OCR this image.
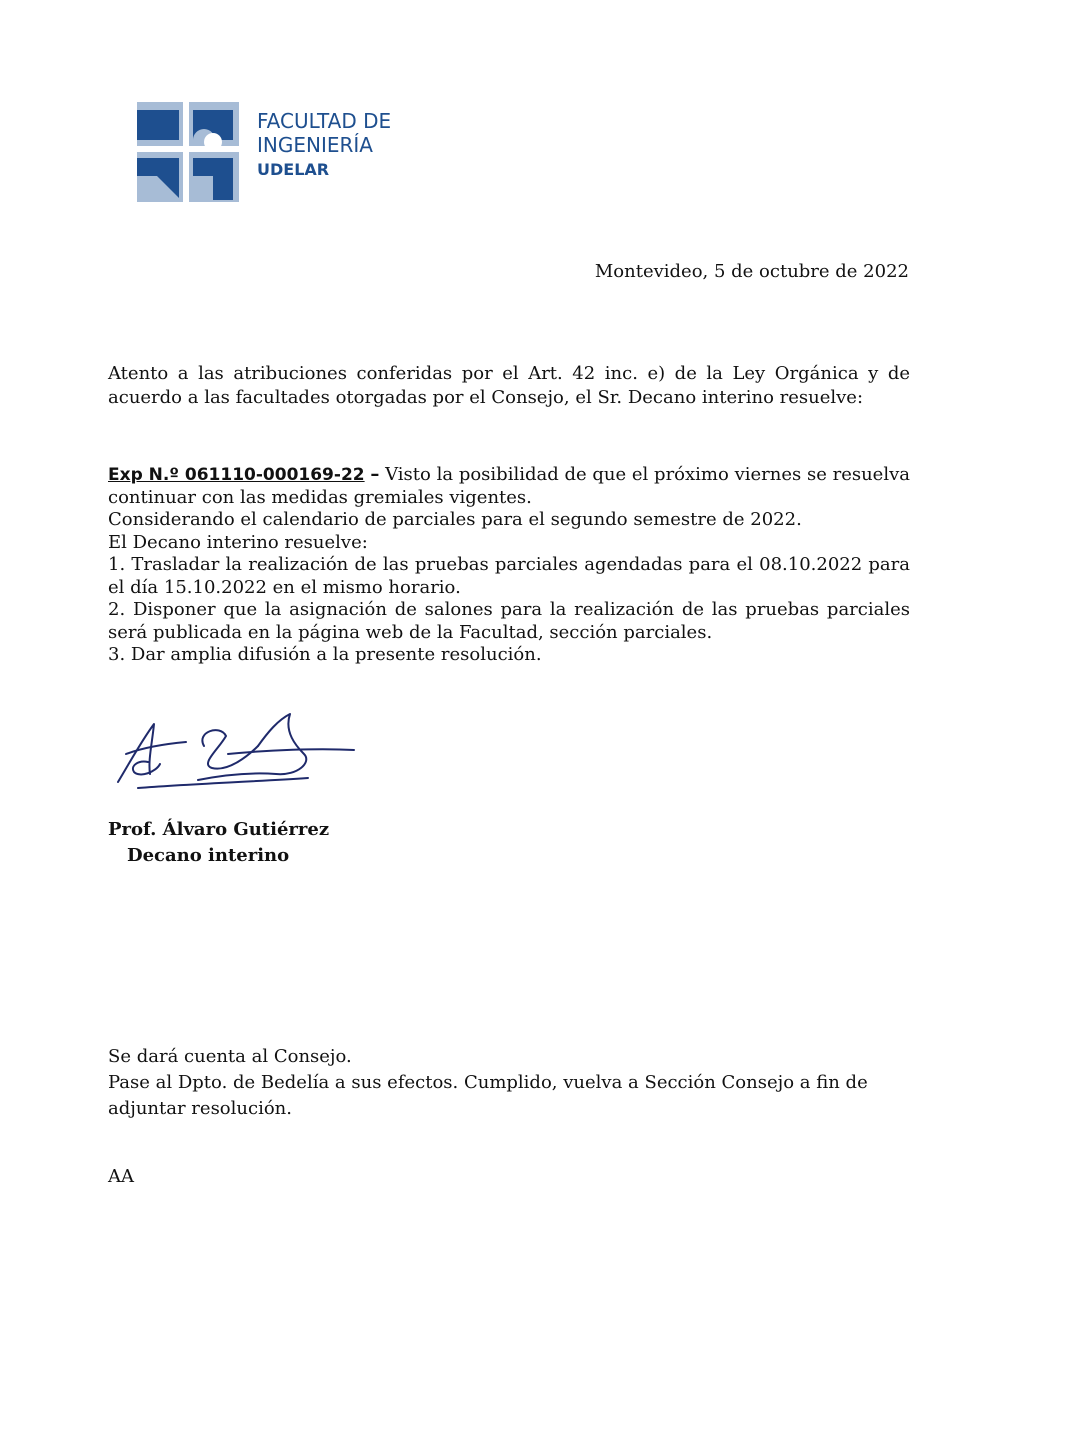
FACULTAD DE
INGENIERÍA
UDELAR
Montevideo, 5 de octubre de 2022

Atento a las atribuciones conferidas por el Art. 42 inc. e) de la Ley Orgánica y de acuerdo a las facultades otorgadas por el Consejo, el Sr. Decano interino resuelve:

Exp N.º 061110-000169-22 – Visto la posibilidad de que el próximo viernes se resuelva continuar con las medidas gremiales vigentes.

Considerando el calendario de parciales para el segundo semestre de 2022.

El Decano interino resuelve:

1. Trasladar la realización de las pruebas parciales agendadas para el 08.10.2022 para el día 15.10.2022 en el mismo horario.

2. Disponer que la asignación de salones para la realización de las pruebas parciales será publicada en la página web de la Facultad, sección parciales.

3. Dar amplia difusión a la presente resolución.

Prof. Álvaro Gutiérrez
Decano interino

Se dará cuenta al Consejo.

Pase al Dpto. de Bedelía a sus efectos. Cumplido, vuelva a Sección Consejo a fin de adjuntar resolución.

AA
